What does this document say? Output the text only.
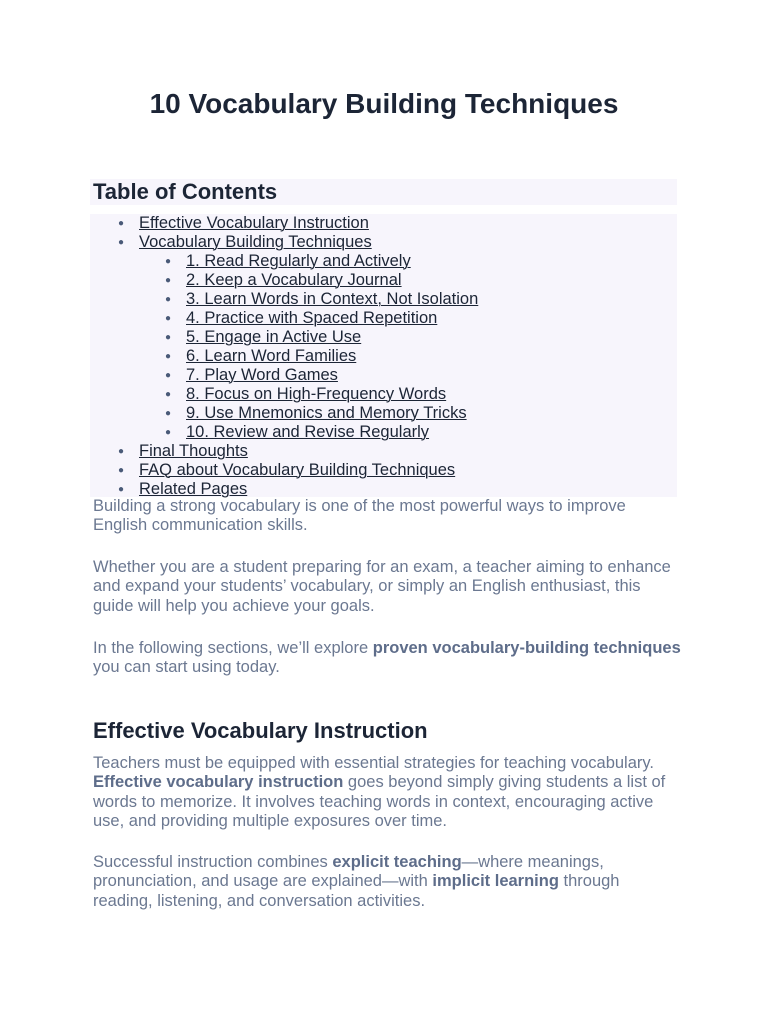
10 Vocabulary Building Techniques
Table of Contents
● Effective Vocabulary Instruction
● Vocabulary Building Techniques
● 1. Read Regularly and Actively
● 2. Keep a Vocabulary Journal
● 3. Learn Words in Context, Not Isolation
● 4. Practice with Spaced Repetition
● 5. Engage in Active Use
● 6. Learn Word Families
● 7. Play Word Games
● 8. Focus on High-Frequency Words
● 9. Use Mnemonics and Memory Tricks
● 10. Review and Revise Regularly
● Final Thoughts
● FAQ about Vocabulary Building Techniques
● Related Pages

Building a strong vocabulary is one of the most powerful ways to improve English communication skills.

Whether you are a student preparing for an exam, a teacher aiming to enhance and expand your students’ vocabulary, or simply an English enthusiast, this guide will help you achieve your goals.

In the following sections, we’ll explore proven vocabulary-building techniques you can start using today.

Effective Vocabulary Instruction

Teachers must be equipped with essential strategies for teaching vocabulary. Effective vocabulary instruction goes beyond simply giving students a list of words to memorize. It involves teaching words in context, encouraging active use, and providing multiple exposures over time.

Successful instruction combines explicit teaching—where meanings, pronunciation, and usage are explained—with implicit learning through reading, listening, and conversation activities.
